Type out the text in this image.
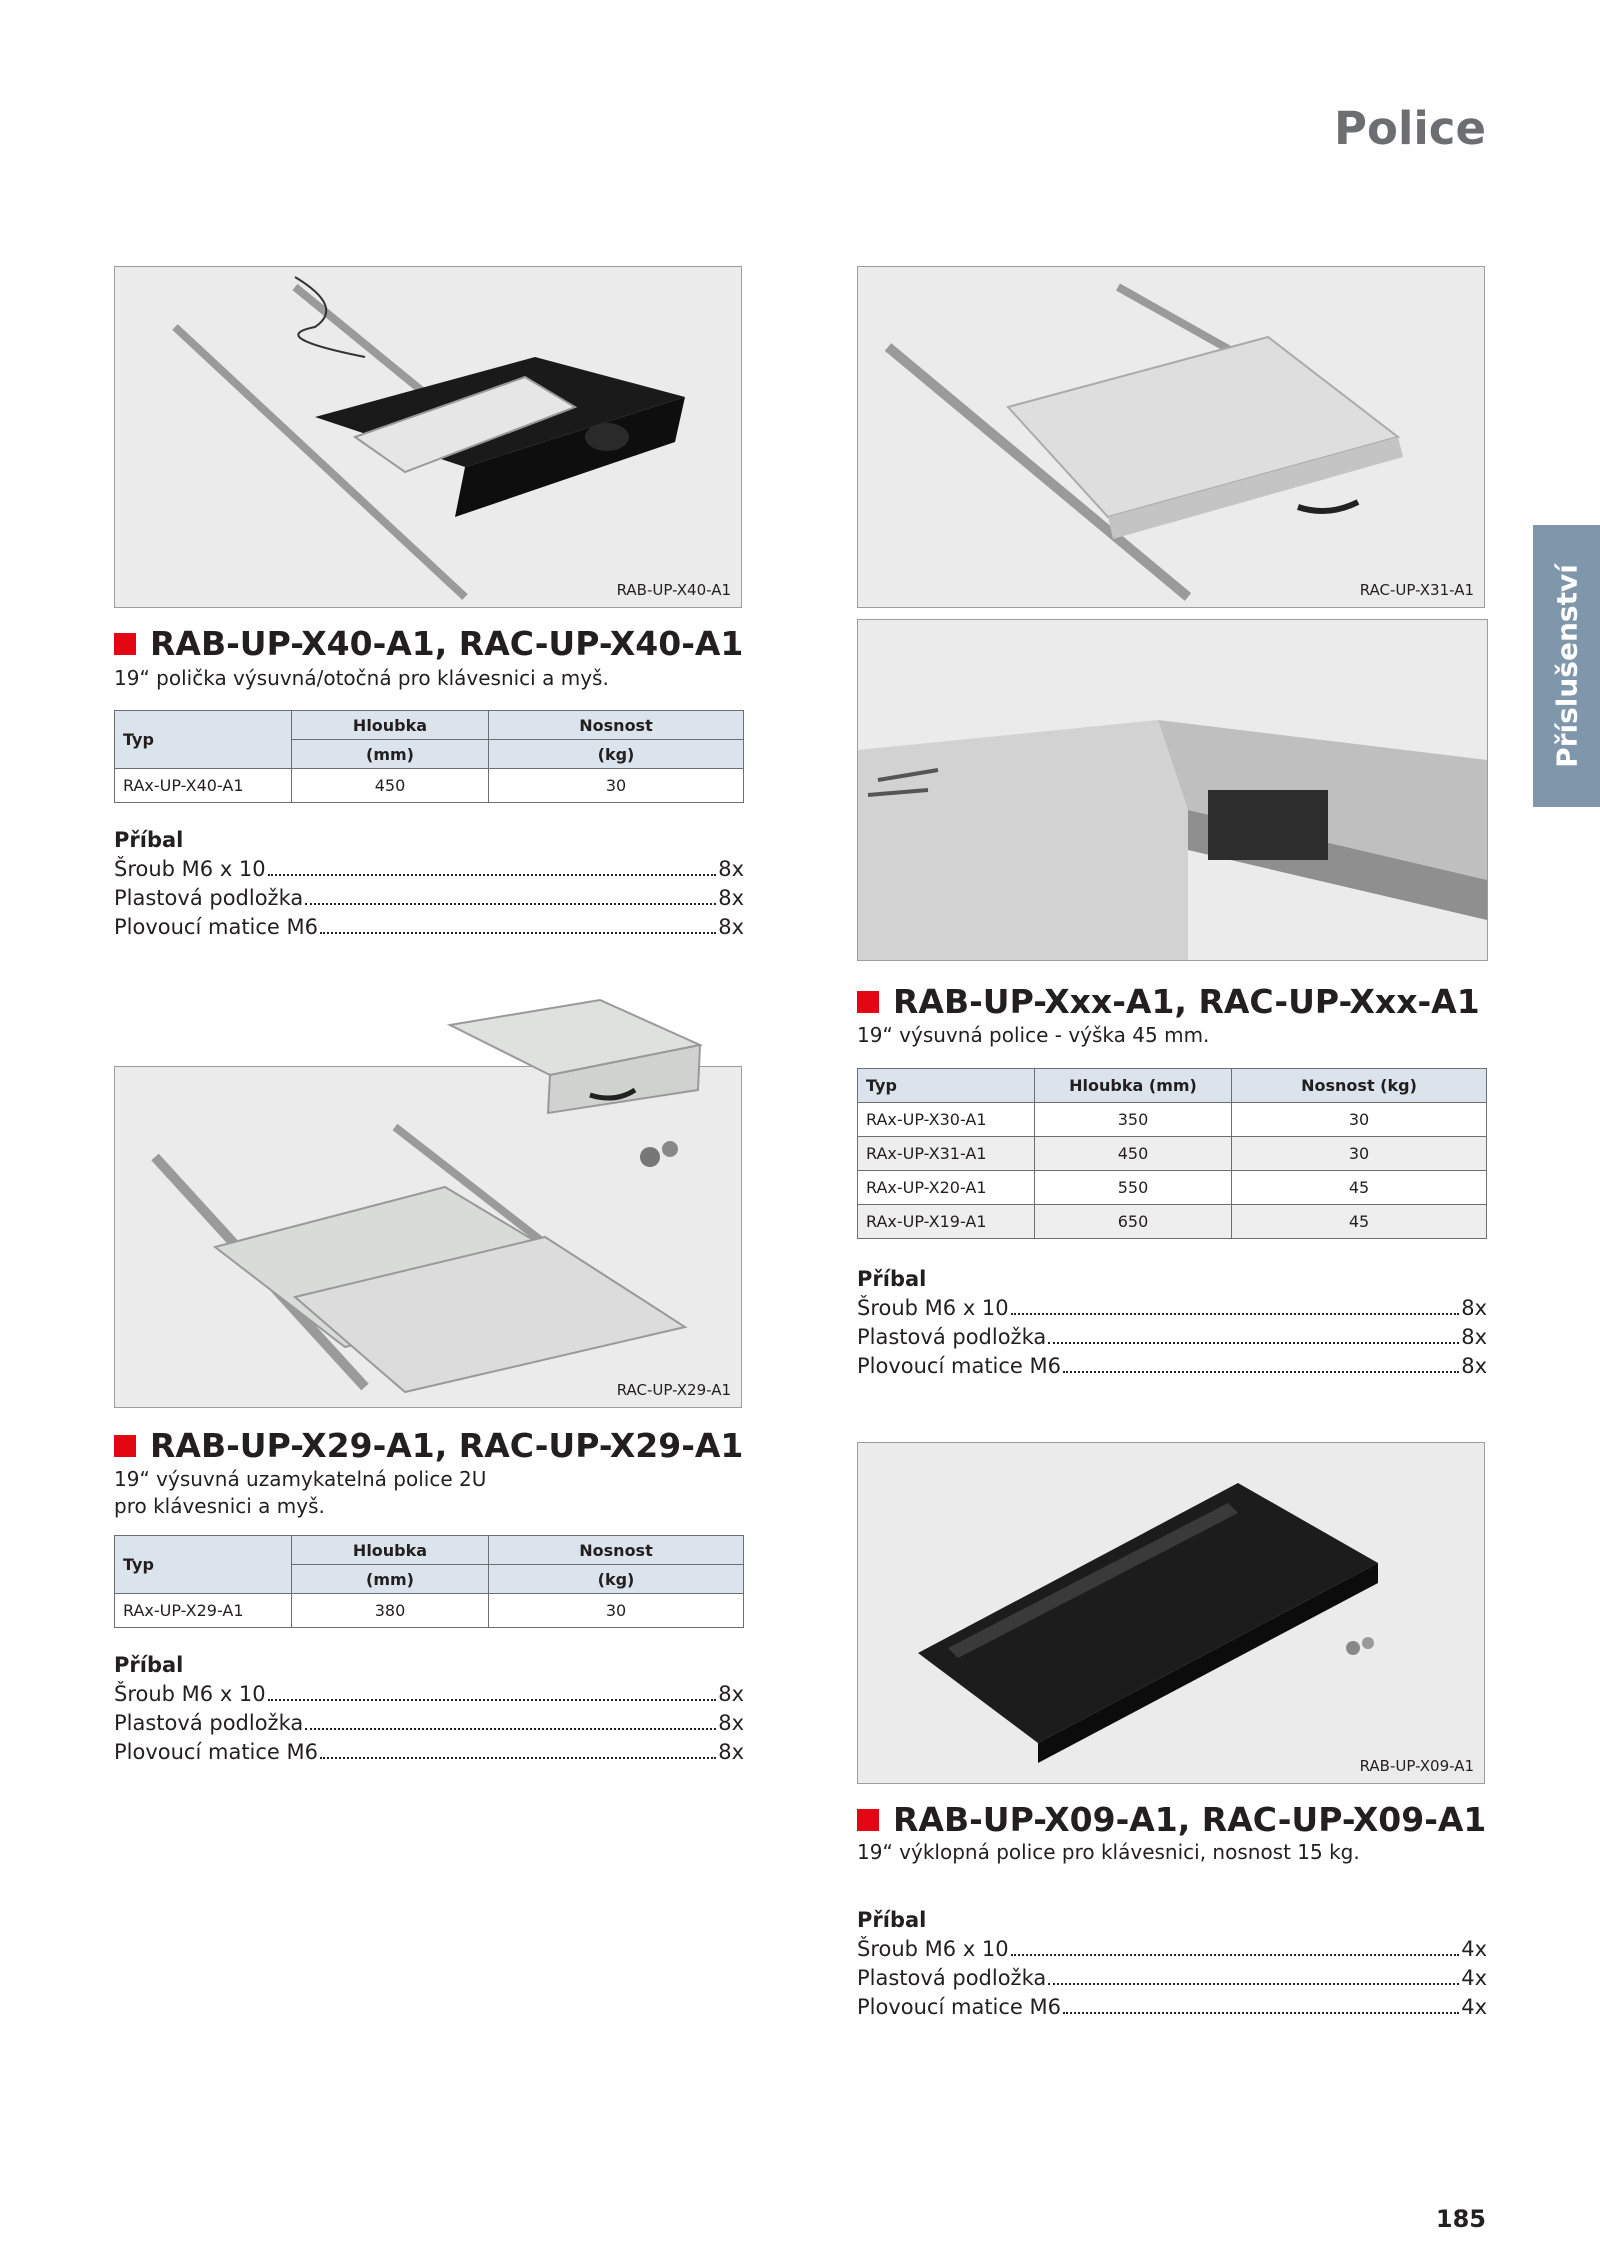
Police
Příslušenství
RAB-UP-X40-A1
RAB-UP-X40-A1, RAC-UP-X40-A1
19“ polička výsuvná/otočná pro klávesnici a myš.
Typ	Hloubka	Nosnost
	(mm)	(kg)
RAx-UP-X40-A1	450	30
Příbal
Šroub M6 x 10	8x
Plastová podložka	8x
Plovoucí matice M6	8x
RAC-UP-X31-A1
RAB-UP-Xxx-A1, RAC-UP-Xxx-A1
19“ výsuvná police - výška 45 mm.
Typ	Hloubka (mm)	Nosnost (kg)
RAx-UP-X30-A1	350	30
RAx-UP-X31-A1	450	30
RAx-UP-X20-A1	550	45
RAx-UP-X19-A1	650	45
Příbal
Šroub M6 x 10	8x
Plastová podložka	8x
Plovoucí matice M6	8x
RAC-UP-X29-A1
RAB-UP-X29-A1, RAC-UP-X29-A1
19“ výsuvná uzamykatelná police 2U
pro klávesnici a myš.
Typ	Hloubka	Nosnost
	(mm)	(kg)
RAx-UP-X29-A1	380	30
Příbal
Šroub M6 x 10	8x
Plastová podložka	8x
Plovoucí matice M6	8x
RAB-UP-X09-A1
RAB-UP-X09-A1, RAC-UP-X09-A1
19“ výklopná police pro klávesnici, nosnost 15 kg.
Příbal
Šroub M6 x 10	4x
Plastová podložka	4x
Plovoucí matice M6	4x
185
